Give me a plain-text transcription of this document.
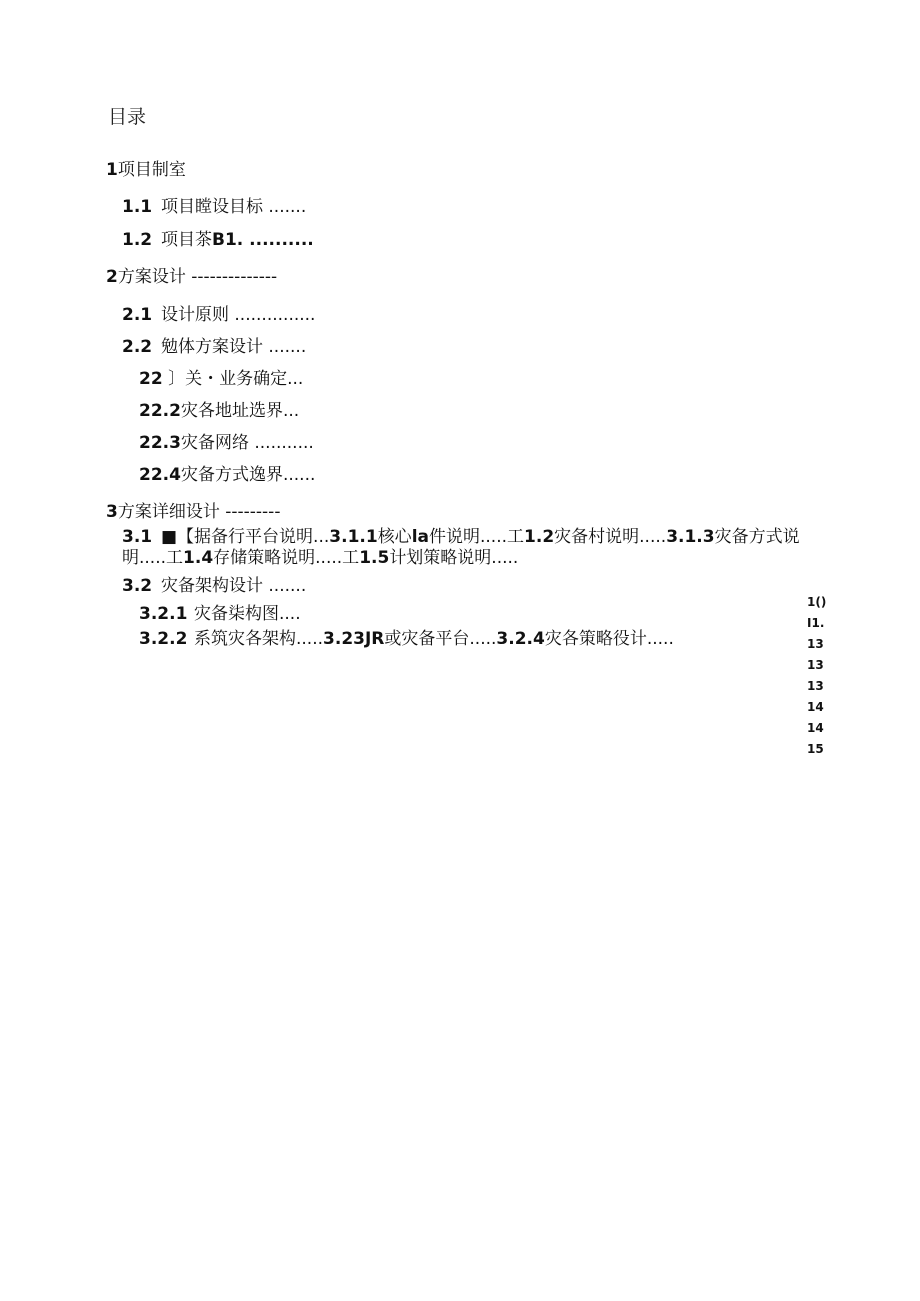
目录
1项目制室
1.1 项目瞠设目标 .......
1.2 项目茶B1. ..........
2方案设计 --------------
2.1 设计原则 ...............
2.2 勉体方案设计 .......
22 〕关・业务确定...
22.2灾各地址选界...
22.3灾备网络 ...........
22.4灾备方式逸界......
3方案详细设计 ---------
3.1 ■【据备行平台说明...3.1.1核心la件说明.....工1.2灾备村说明.....3.1.3灾备方式说明.....工1.4存储策略说明.....工1.5计划策略说明.....
3.2 灾备架构设计 .......
3.2.1 灾备柒构图....
3.2.2 系筑灾各架构.....3.23JR或灾备平台.....3.2.4灾各策略役计.....
1()
I1.
13
13
13
14
14
15
